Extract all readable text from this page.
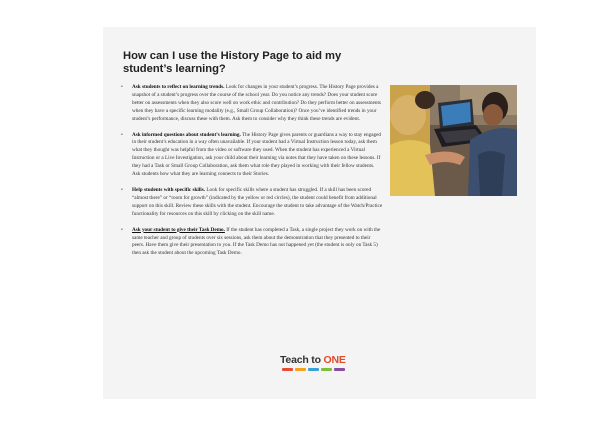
How can I use the History Page to aid my student’s learning?
• Ask students to reflect on learning trends. Look for changes in your student’s progress. The History Page provides a snapshot of a student’s progress over the course of the school year. Do you notice any trends? Does your student score better on assessments when they also score well on work ethic and contribution? Do they perform better on assessments when they have a specific learning modality (e.g., Small Group Collaboration)? Once you’ve identified trends in your student’s performance, discuss these with them. Ask them to consider why they think these trends are evident.
• Ask informed questions about student’s learning. The History Page gives parents or guardians a way to stay engaged in their student’s education in a way often unavailable. If your student had a Virtual Instruction lesson today, ask them what they thought was helpful from the video or software they used. When the student has experienced a Virtual Instruction or a Live Investigation, ask your child about their learning via notes that they have taken on these lessons. If they had a Task or Small Group Collaboration, ask them what role they played in working with their fellow students. Ask students how what they are learning connects to their Stories.
• Help students with specific skills. Look for specific skills where a student has struggled. If a skill has been scored “almost there” or “room for growth” (indicated by the yellow or red circles), the student could benefit from additional support on this skill. Review these skills with the student. Encourage the student to take advantage of the Watch/Practice functionality for resources on this skill by clicking on the skill name.
• Ask your student to give their Task Demo. If the student has completed a Task, a single project they work on with the same teacher and group of students over six sessions, ask them about the demonstration that they presented to their peers. Have them give their presentation to you. If the Task Demo has not happened yet (the student is only on Task 5) then ask the student about the upcoming Task Demo.
Teach to ONE
